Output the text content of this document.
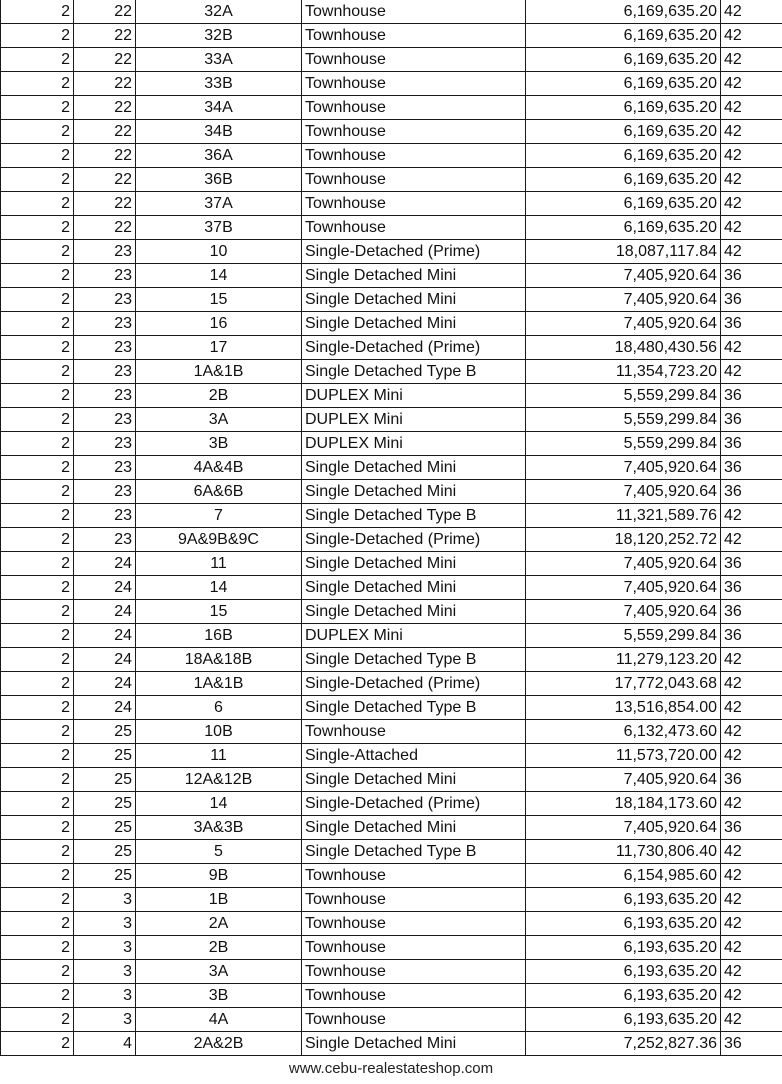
2	22	32A	Townhouse	6,169,635.20	42
2	22	32B	Townhouse	6,169,635.20	42
2	22	33A	Townhouse	6,169,635.20	42
2	22	33B	Townhouse	6,169,635.20	42
2	22	34A	Townhouse	6,169,635.20	42
2	22	34B	Townhouse	6,169,635.20	42
2	22	36A	Townhouse	6,169,635.20	42
2	22	36B	Townhouse	6,169,635.20	42
2	22	37A	Townhouse	6,169,635.20	42
2	22	37B	Townhouse	6,169,635.20	42
2	23	10	Single-Detached (Prime)	18,087,117.84	42
2	23	14	Single Detached Mini	7,405,920.64	36
2	23	15	Single Detached Mini	7,405,920.64	36
2	23	16	Single Detached Mini	7,405,920.64	36
2	23	17	Single-Detached (Prime)	18,480,430.56	42
2	23	1A&1B	Single Detached Type B	11,354,723.20	42
2	23	2B	DUPLEX Mini	5,559,299.84	36
2	23	3A	DUPLEX Mini	5,559,299.84	36
2	23	3B	DUPLEX Mini	5,559,299.84	36
2	23	4A&4B	Single Detached Mini	7,405,920.64	36
2	23	6A&6B	Single Detached Mini	7,405,920.64	36
2	23	7	Single Detached Type B	11,321,589.76	42
2	23	9A&9B&9C	Single-Detached (Prime)	18,120,252.72	42
2	24	11	Single Detached Mini	7,405,920.64	36
2	24	14	Single Detached Mini	7,405,920.64	36
2	24	15	Single Detached Mini	7,405,920.64	36
2	24	16B	DUPLEX Mini	5,559,299.84	36
2	24	18A&18B	Single Detached Type B	11,279,123.20	42
2	24	1A&1B	Single-Detached (Prime)	17,772,043.68	42
2	24	6	Single Detached Type B	13,516,854.00	42
2	25	10B	Townhouse	6,132,473.60	42
2	25	11	Single-Attached	11,573,720.00	42
2	25	12A&12B	Single Detached Mini	7,405,920.64	36
2	25	14	Single-Detached (Prime)	18,184,173.60	42
2	25	3A&3B	Single Detached Mini	7,405,920.64	36
2	25	5	Single Detached Type B	11,730,806.40	42
2	25	9B	Townhouse	6,154,985.60	42
2	3	1B	Townhouse	6,193,635.20	42
2	3	2A	Townhouse	6,193,635.20	42
2	3	2B	Townhouse	6,193,635.20	42
2	3	3A	Townhouse	6,193,635.20	42
2	3	3B	Townhouse	6,193,635.20	42
2	3	4A	Townhouse	6,193,635.20	42
2	4	2A&2B	Single Detached Mini	7,252,827.36	36
www.cebu-realestateshop.com
